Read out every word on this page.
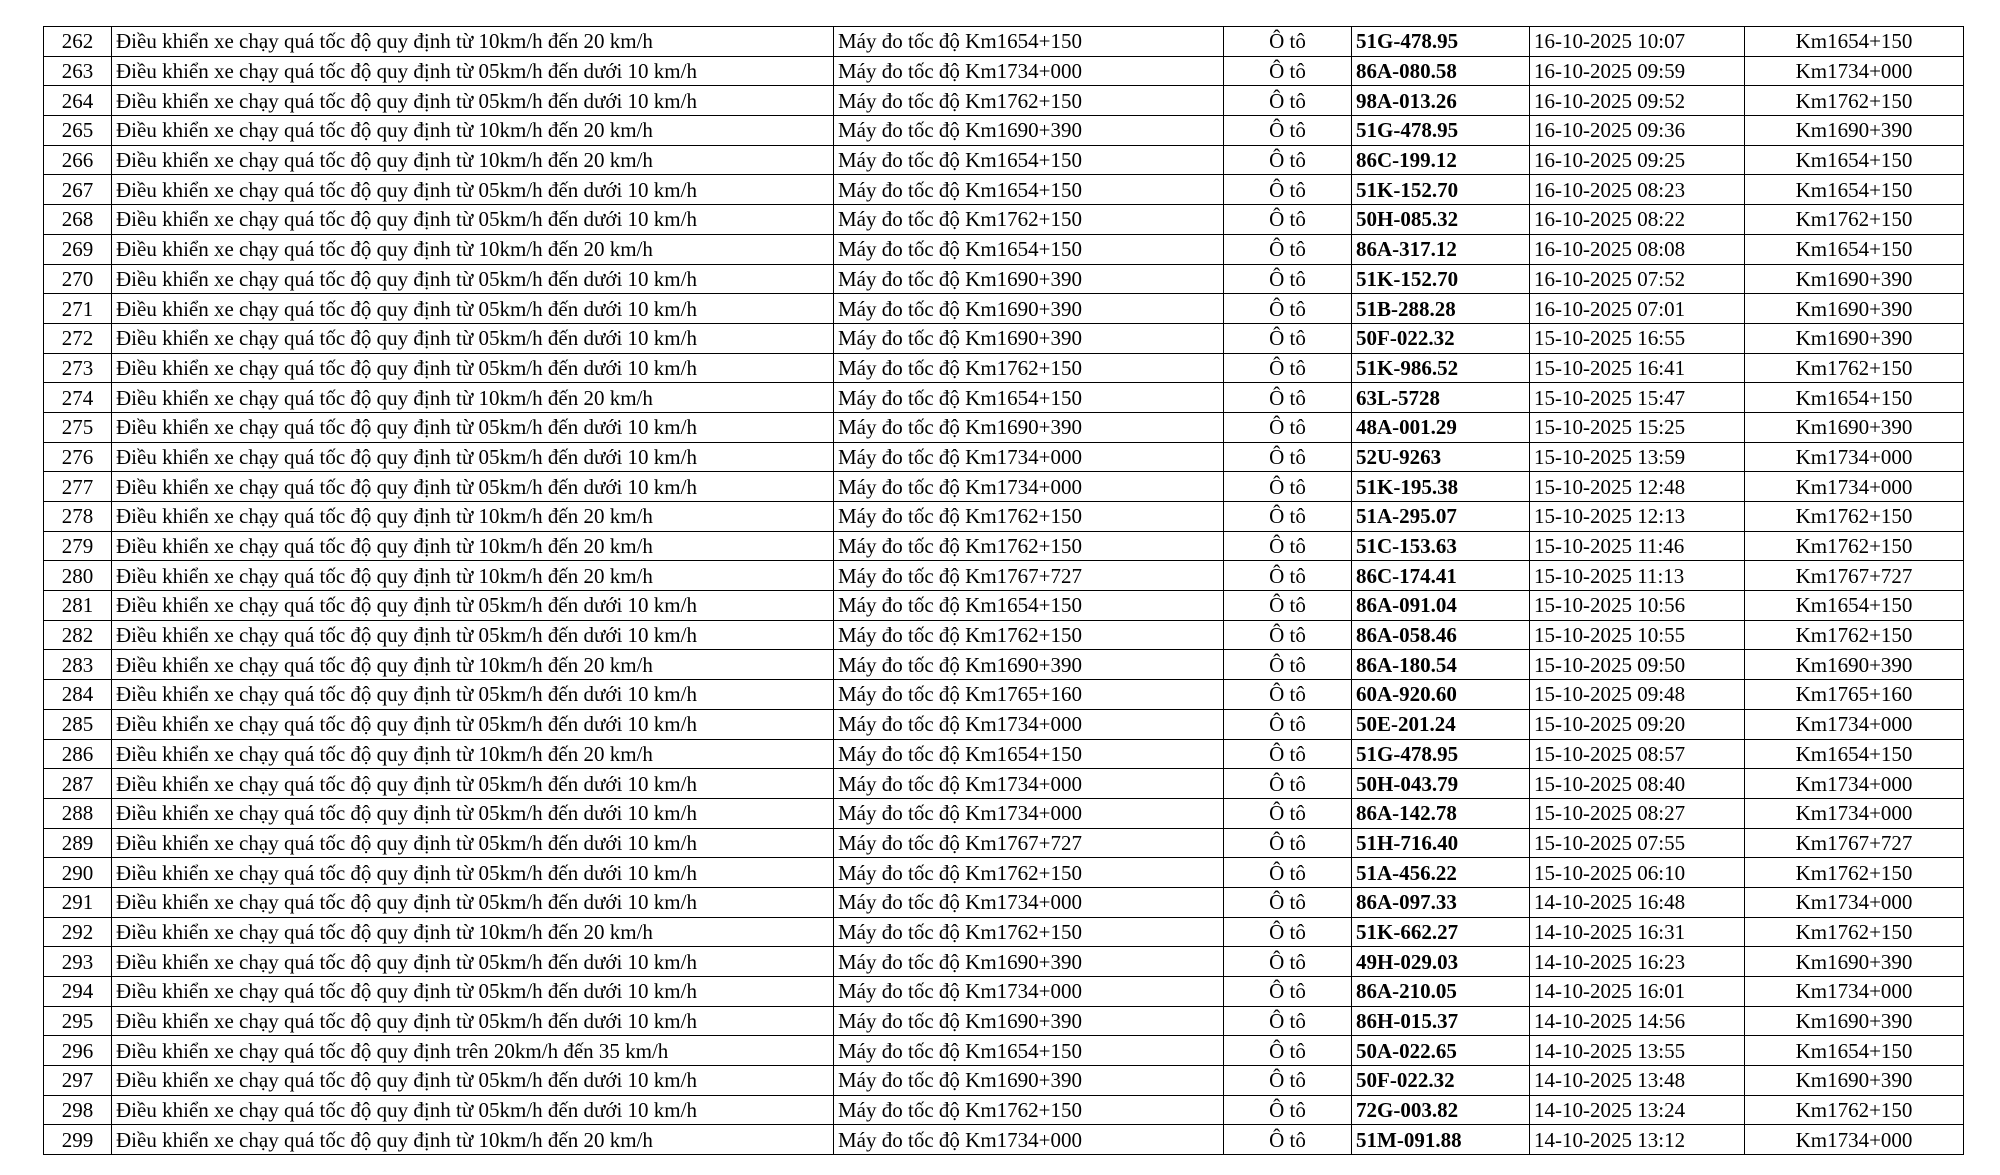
262	Điều khiển xe chạy quá tốc độ quy định từ 10km/h đến 20 km/h	Máy đo tốc độ Km1654+150	Ô tô	51G-478.95	16-10-2025 10:07	Km1654+150
263	Điều khiển xe chạy quá tốc độ quy định từ 05km/h đến dưới 10 km/h	Máy đo tốc độ Km1734+000	Ô tô	86A-080.58	16-10-2025 09:59	Km1734+000
264	Điều khiển xe chạy quá tốc độ quy định từ 05km/h đến dưới 10 km/h	Máy đo tốc độ Km1762+150	Ô tô	98A-013.26	16-10-2025 09:52	Km1762+150
265	Điều khiển xe chạy quá tốc độ quy định từ 10km/h đến 20 km/h	Máy đo tốc độ Km1690+390	Ô tô	51G-478.95	16-10-2025 09:36	Km1690+390
266	Điều khiển xe chạy quá tốc độ quy định từ 10km/h đến 20 km/h	Máy đo tốc độ Km1654+150	Ô tô	86C-199.12	16-10-2025 09:25	Km1654+150
267	Điều khiển xe chạy quá tốc độ quy định từ 05km/h đến dưới 10 km/h	Máy đo tốc độ Km1654+150	Ô tô	51K-152.70	16-10-2025 08:23	Km1654+150
268	Điều khiển xe chạy quá tốc độ quy định từ 05km/h đến dưới 10 km/h	Máy đo tốc độ Km1762+150	Ô tô	50H-085.32	16-10-2025 08:22	Km1762+150
269	Điều khiển xe chạy quá tốc độ quy định từ 10km/h đến 20 km/h	Máy đo tốc độ Km1654+150	Ô tô	86A-317.12	16-10-2025 08:08	Km1654+150
270	Điều khiển xe chạy quá tốc độ quy định từ 05km/h đến dưới 10 km/h	Máy đo tốc độ Km1690+390	Ô tô	51K-152.70	16-10-2025 07:52	Km1690+390
271	Điều khiển xe chạy quá tốc độ quy định từ 05km/h đến dưới 10 km/h	Máy đo tốc độ Km1690+390	Ô tô	51B-288.28	16-10-2025 07:01	Km1690+390
272	Điều khiển xe chạy quá tốc độ quy định từ 05km/h đến dưới 10 km/h	Máy đo tốc độ Km1690+390	Ô tô	50F-022.32	15-10-2025 16:55	Km1690+390
273	Điều khiển xe chạy quá tốc độ quy định từ 05km/h đến dưới 10 km/h	Máy đo tốc độ Km1762+150	Ô tô	51K-986.52	15-10-2025 16:41	Km1762+150
274	Điều khiển xe chạy quá tốc độ quy định từ 10km/h đến 20 km/h	Máy đo tốc độ Km1654+150	Ô tô	63L-5728	15-10-2025 15:47	Km1654+150
275	Điều khiển xe chạy quá tốc độ quy định từ 05km/h đến dưới 10 km/h	Máy đo tốc độ Km1690+390	Ô tô	48A-001.29	15-10-2025 15:25	Km1690+390
276	Điều khiển xe chạy quá tốc độ quy định từ 05km/h đến dưới 10 km/h	Máy đo tốc độ Km1734+000	Ô tô	52U-9263	15-10-2025 13:59	Km1734+000
277	Điều khiển xe chạy quá tốc độ quy định từ 05km/h đến dưới 10 km/h	Máy đo tốc độ Km1734+000	Ô tô	51K-195.38	15-10-2025 12:48	Km1734+000
278	Điều khiển xe chạy quá tốc độ quy định từ 10km/h đến 20 km/h	Máy đo tốc độ Km1762+150	Ô tô	51A-295.07	15-10-2025 12:13	Km1762+150
279	Điều khiển xe chạy quá tốc độ quy định từ 10km/h đến 20 km/h	Máy đo tốc độ Km1762+150	Ô tô	51C-153.63	15-10-2025 11:46	Km1762+150
280	Điều khiển xe chạy quá tốc độ quy định từ 10km/h đến 20 km/h	Máy đo tốc độ Km1767+727	Ô tô	86C-174.41	15-10-2025 11:13	Km1767+727
281	Điều khiển xe chạy quá tốc độ quy định từ 05km/h đến dưới 10 km/h	Máy đo tốc độ Km1654+150	Ô tô	86A-091.04	15-10-2025 10:56	Km1654+150
282	Điều khiển xe chạy quá tốc độ quy định từ 05km/h đến dưới 10 km/h	Máy đo tốc độ Km1762+150	Ô tô	86A-058.46	15-10-2025 10:55	Km1762+150
283	Điều khiển xe chạy quá tốc độ quy định từ 10km/h đến 20 km/h	Máy đo tốc độ Km1690+390	Ô tô	86A-180.54	15-10-2025 09:50	Km1690+390
284	Điều khiển xe chạy quá tốc độ quy định từ 05km/h đến dưới 10 km/h	Máy đo tốc độ Km1765+160	Ô tô	60A-920.60	15-10-2025 09:48	Km1765+160
285	Điều khiển xe chạy quá tốc độ quy định từ 05km/h đến dưới 10 km/h	Máy đo tốc độ Km1734+000	Ô tô	50E-201.24	15-10-2025 09:20	Km1734+000
286	Điều khiển xe chạy quá tốc độ quy định từ 10km/h đến 20 km/h	Máy đo tốc độ Km1654+150	Ô tô	51G-478.95	15-10-2025 08:57	Km1654+150
287	Điều khiển xe chạy quá tốc độ quy định từ 05km/h đến dưới 10 km/h	Máy đo tốc độ Km1734+000	Ô tô	50H-043.79	15-10-2025 08:40	Km1734+000
288	Điều khiển xe chạy quá tốc độ quy định từ 05km/h đến dưới 10 km/h	Máy đo tốc độ Km1734+000	Ô tô	86A-142.78	15-10-2025 08:27	Km1734+000
289	Điều khiển xe chạy quá tốc độ quy định từ 05km/h đến dưới 10 km/h	Máy đo tốc độ Km1767+727	Ô tô	51H-716.40	15-10-2025 07:55	Km1767+727
290	Điều khiển xe chạy quá tốc độ quy định từ 05km/h đến dưới 10 km/h	Máy đo tốc độ Km1762+150	Ô tô	51A-456.22	15-10-2025 06:10	Km1762+150
291	Điều khiển xe chạy quá tốc độ quy định từ 05km/h đến dưới 10 km/h	Máy đo tốc độ Km1734+000	Ô tô	86A-097.33	14-10-2025 16:48	Km1734+000
292	Điều khiển xe chạy quá tốc độ quy định từ 10km/h đến 20 km/h	Máy đo tốc độ Km1762+150	Ô tô	51K-662.27	14-10-2025 16:31	Km1762+150
293	Điều khiển xe chạy quá tốc độ quy định từ 05km/h đến dưới 10 km/h	Máy đo tốc độ Km1690+390	Ô tô	49H-029.03	14-10-2025 16:23	Km1690+390
294	Điều khiển xe chạy quá tốc độ quy định từ 05km/h đến dưới 10 km/h	Máy đo tốc độ Km1734+000	Ô tô	86A-210.05	14-10-2025 16:01	Km1734+000
295	Điều khiển xe chạy quá tốc độ quy định từ 05km/h đến dưới 10 km/h	Máy đo tốc độ Km1690+390	Ô tô	86H-015.37	14-10-2025 14:56	Km1690+390
296	Điều khiển xe chạy quá tốc độ quy định trên 20km/h đến 35 km/h	Máy đo tốc độ Km1654+150	Ô tô	50A-022.65	14-10-2025 13:55	Km1654+150
297	Điều khiển xe chạy quá tốc độ quy định từ 05km/h đến dưới 10 km/h	Máy đo tốc độ Km1690+390	Ô tô	50F-022.32	14-10-2025 13:48	Km1690+390
298	Điều khiển xe chạy quá tốc độ quy định từ 05km/h đến dưới 10 km/h	Máy đo tốc độ Km1762+150	Ô tô	72G-003.82	14-10-2025 13:24	Km1762+150
299	Điều khiển xe chạy quá tốc độ quy định từ 10km/h đến 20 km/h	Máy đo tốc độ Km1734+000	Ô tô	51M-091.88	14-10-2025 13:12	Km1734+000
